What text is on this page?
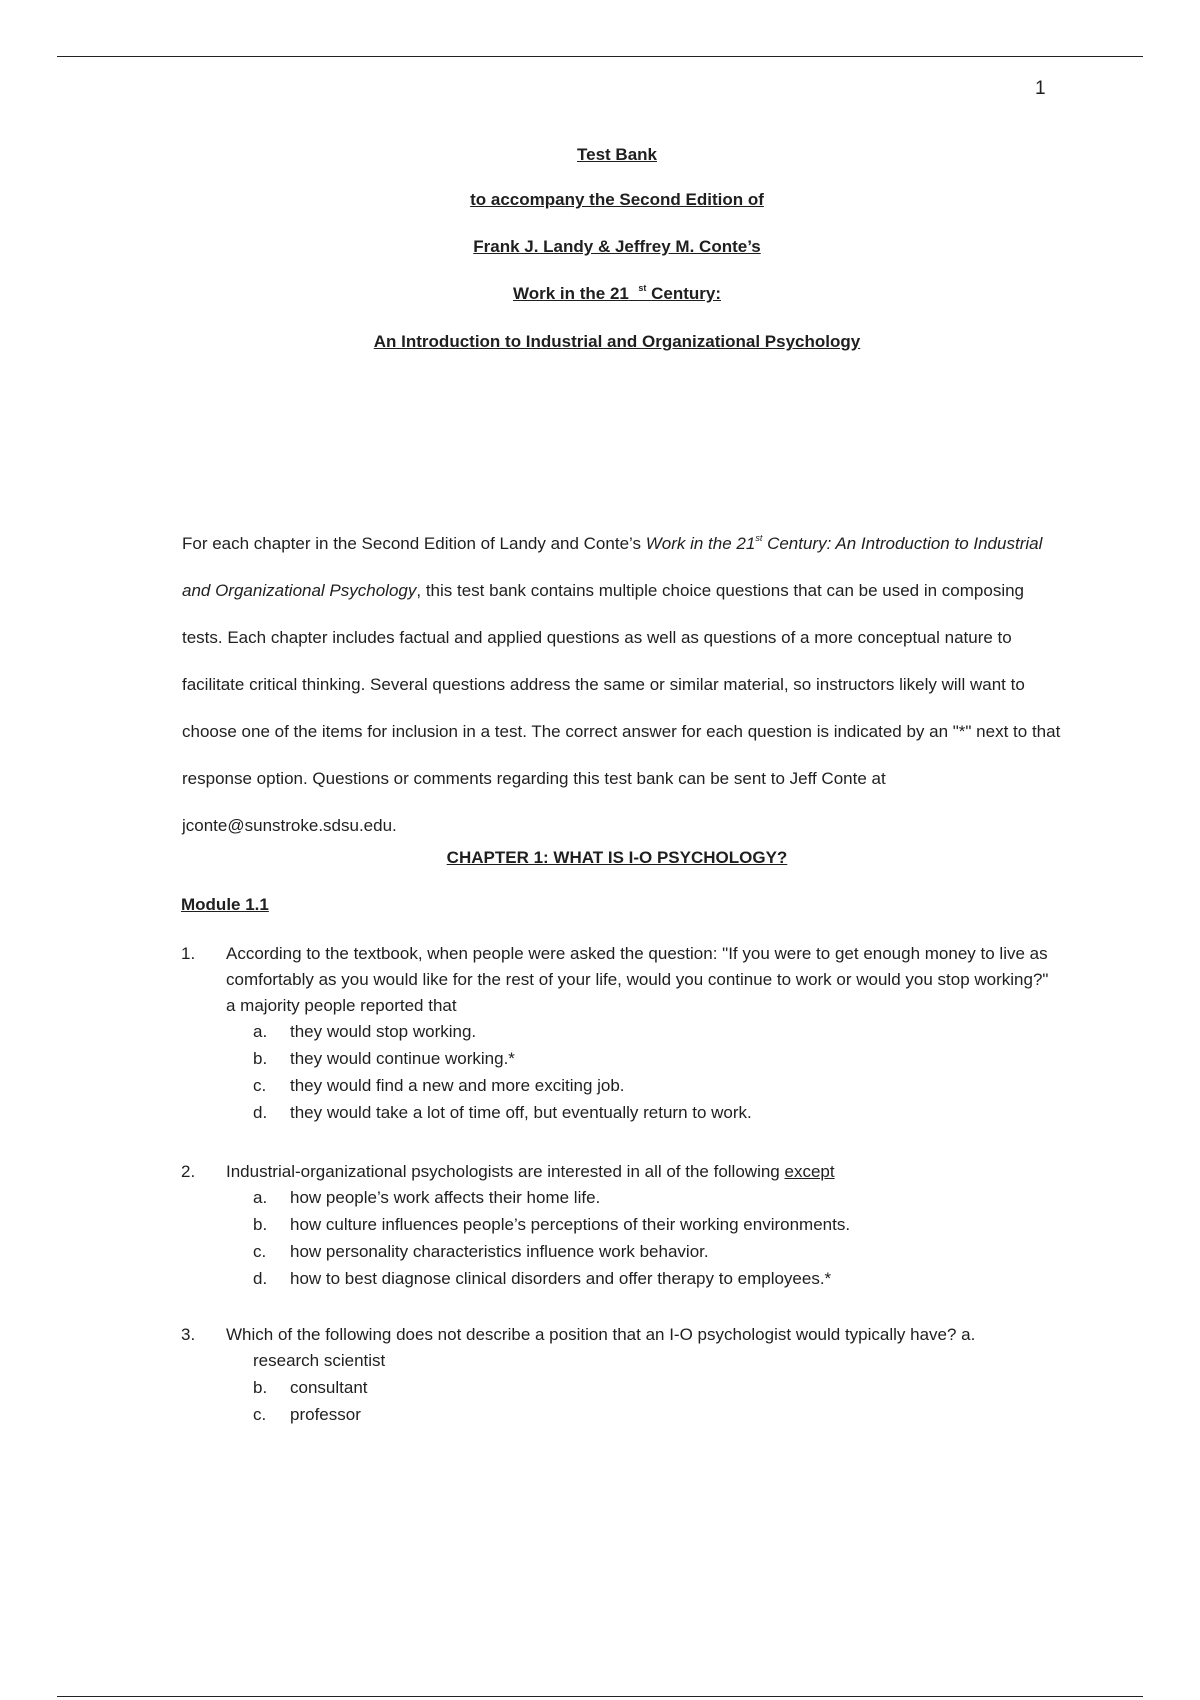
1
Test Bank
to accompany the Second Edition of
Frank J. Landy & Jeffrey M. Conte’s
Work in the 21 $^{st}$ Century:
An Introduction to Industrial and Organizational Psychology

For each chapter in the Second Edition of Landy and Conte’s Work in the 21st Century: An Introduction to Industrial and Organizational Psychology, this test bank contains multiple choice questions that can be used in composing tests. Each chapter includes factual and applied questions as well as questions of a more conceptual nature to facilitate critical thinking. Several questions address the same or similar material, so instructors likely will want to choose one of the items for inclusion in a test. The correct answer for each question is indicated by an "*" next to that response option. Questions or comments regarding this test bank can be sent to Jeff Conte at jconte@sunstroke.sdsu.edu.

CHAPTER 1: WHAT IS I-O PSYCHOLOGY?
Module 1.1
1. According to the textbook, when people were asked the question: "If you were to get enough money to live as comfortably as you would like for the rest of your life, would you continue to work or would you stop working?" a majority people reported that
a.	they would stop working.
b.	they would continue working.*
c.	they would find a new and more exciting job.
d.	they would take a lot of time off, but eventually return to work.
2. Industrial-organizational psychologists are interested in all of the following except
a.	how people’s work affects their home life.
b.	how culture influences people’s perceptions of their working environments.
c.	how personality characteristics influence work behavior.
d.	how to best diagnose clinical disorders and offer therapy to employees.*
3. Which of the following does not describe a position that an I-O psychologist would typically have? a.
research scientist
b.	consultant
c.	professor
